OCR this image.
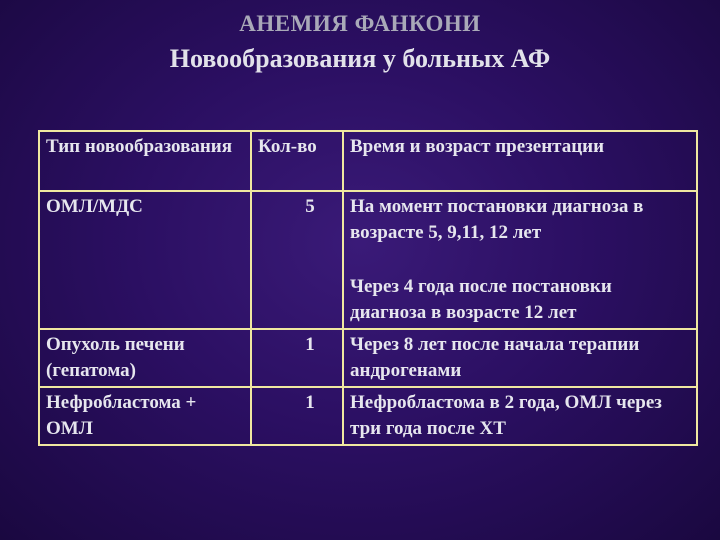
АНЕМИЯ ФАНКОНИ
Новообразования у больных АФ
Тип новообразования	Кол-во	Время и возраст презентации
ОМЛ/МДС	5	На момент постановки диагноза в возрасте 5, 9,11, 12 лет
Через 4 года после постановки диагноза в возрасте 12 лет

Опухоль печени (гепатома)	1	Через 8 лет после начала терапии андрогенами
Нефробластома + ОМЛ	1	Нефробластома в 2 года, ОМЛ через три года после ХТ
